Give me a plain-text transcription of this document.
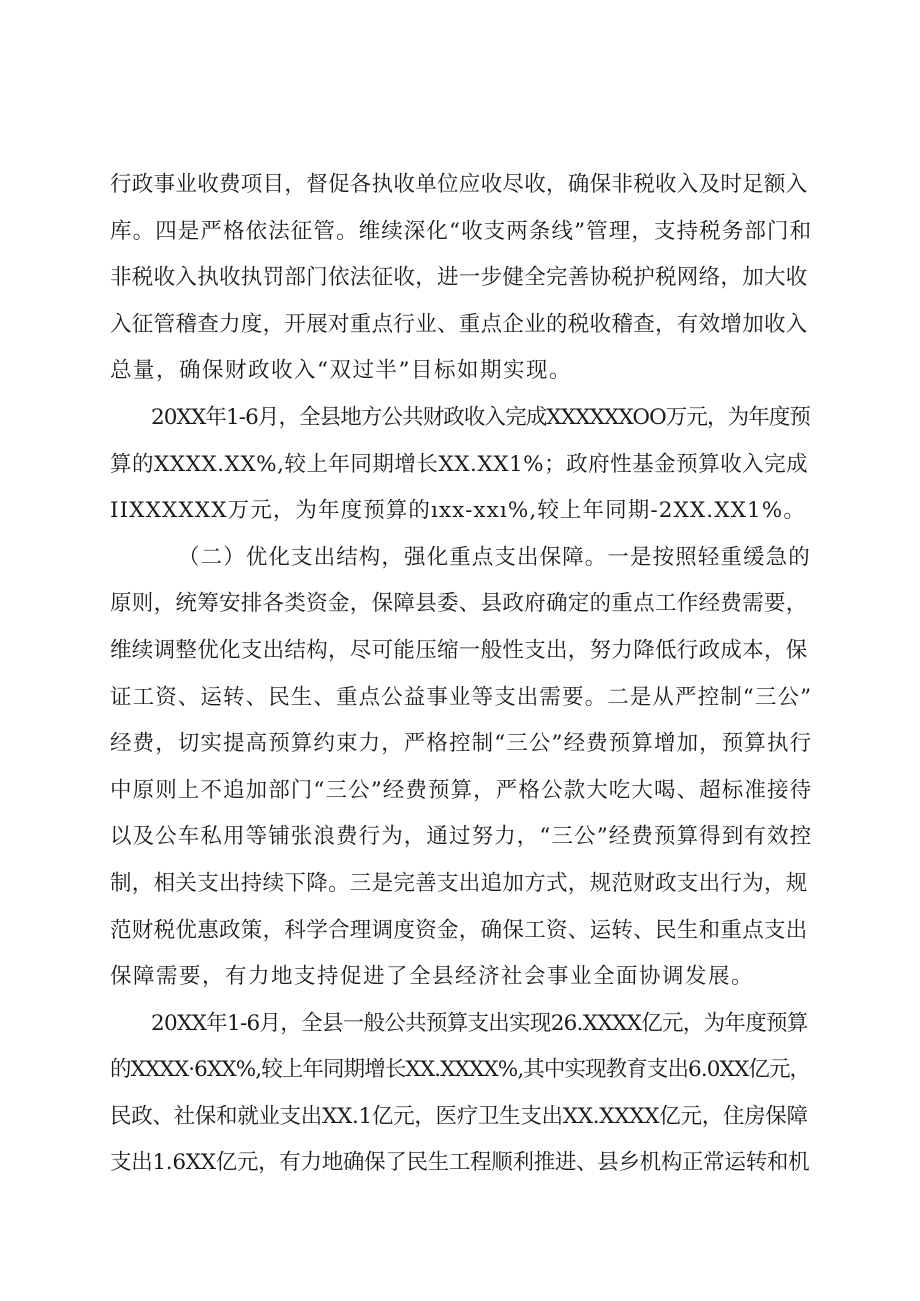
行政事业收费项目，督促各执收单位应收尽收，确保非税收入及时足额入
库。四是严格依法征管。维续深化“收支两条线”管理，支持税务部门和
非税收入执收执罚部门依法征收，进一步健全完善协税护税网络，加大收
入征管稽查力度，开展对重点行业、重点企业的税收稽查，有效增加收入
总量，确保财政收入“双过半”目标如期实现。
20XX年1-6月，全县地方公共财政收入完成XXXXXXOO万元，为年度预
算的XXXX.XX%,较上年同期增长XX.XX1%；政府性基金预算收入完成
IIXXXXXX万元，为年度预算的ıxx-xxı%,较上年同期-2XX.XX1%。
（二）优化支出结构，强化重点支出保障。一是按照轻重缓急的
原则，统筹安排各类资金，保障县委、县政府确定的重点工作经费需要，
维续调整优化支出结构，尽可能压缩一般性支出，努力降低行政成本，保
证工资、运转、民生、重点公益事业等支出需要。二是从严控制“三公”
经费，切实提高预算约束力，严格控制“三公”经费预算增加，预算执行
中原则上不追加部门“三公”经费预算，严格公款大吃大喝、超标准接待
以及公车私用等铺张浪费行为，通过努力，“三公”经费预算得到有效控
制，相关支出持续下降。三是完善支出追加方式，规范财政支出行为，规
范财税优惠政策，科学合理调度资金，确保工资、运转、民生和重点支出
保障需要，有力地支持促进了全县经济社会事业全面协调发展。
20XX年1-6月，全县一般公共预算支出实现26.XXXX亿元，为年度预算
的XXXX·6XX%,较上年同期增长XX.XXXX%,其中实现教育支出6.0XX亿元，
民政、社保和就业支出XX.1亿元，医疗卫生支出XX.XXXX亿元，住房保障
支出1.6XX亿元，有力地确保了民生工程顺利推进、县乡机构正常运转和机
